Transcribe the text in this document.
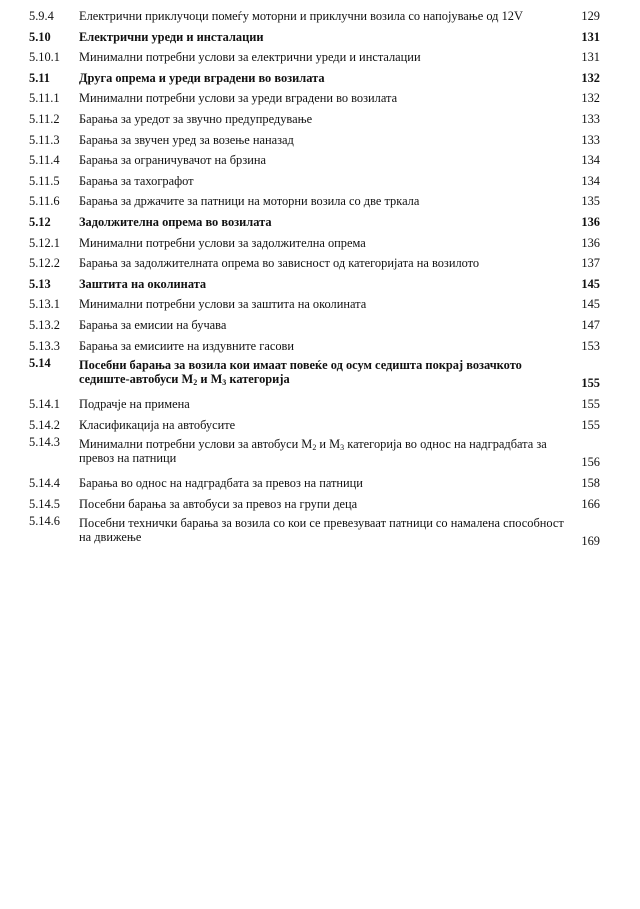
5.9.4 Електрични приклучоци помеѓу моторни и приклучни возила со напојување од 12V	129
5.10 Електрични уреди и инсталации	131
5.10.1 Минимални потребни услови за електрични уреди и инсталации	131
5.11 Друга опрема и уреди вградени во возилата	132
5.11.1 Минимални потребни услови за уреди вградени во возилата	132
5.11.2 Барања за уредот за звучно предупредување	133
5.11.3 Барања за звучен уред за возење наназад	133
5.11.4 Барања за ограничувачот на брзина	134
5.11.5 Барања за тахографот	134
5.11.6 Барања за држачите за патници на моторни возила со две тркала	135
5.12 Задолжителна опрема во возилата	136
5.12.1 Минимални потребни услови за задолжителна опрема	136
5.12.2 Барања за задолжителната опрема во зависност од категоријата на возилото	137
5.13 Заштита на околината	145
5.13.1 Минимални потребни услови за заштита на околината	145
5.13.2 Барања за емисии на бучава	147
5.13.3 Барања за емисиите на издувните гасови	153
5.14 Посебни барања за возила кои имаат повеќе од осум седишта покрај возачкото седиште-автобуси $M_2$ и $M_3$ категорија	155
5.14.1 Подрачје на примена	155
5.14.2 Класификација на автобусите	155
5.14.3 Минимални потребни услови за автобуси $M_2$ и $M_3$ категорија во однос на надградбата за превоз на патници	156
5.14.4 Барања во однос на надградбата за превоз на патници	158
5.14.5 Посебни барања за автобуси за превоз на групи деца	166
5.14.6 Посебни технички барања за возила со кои се превезуваат патници со намалена способност на движење	169
